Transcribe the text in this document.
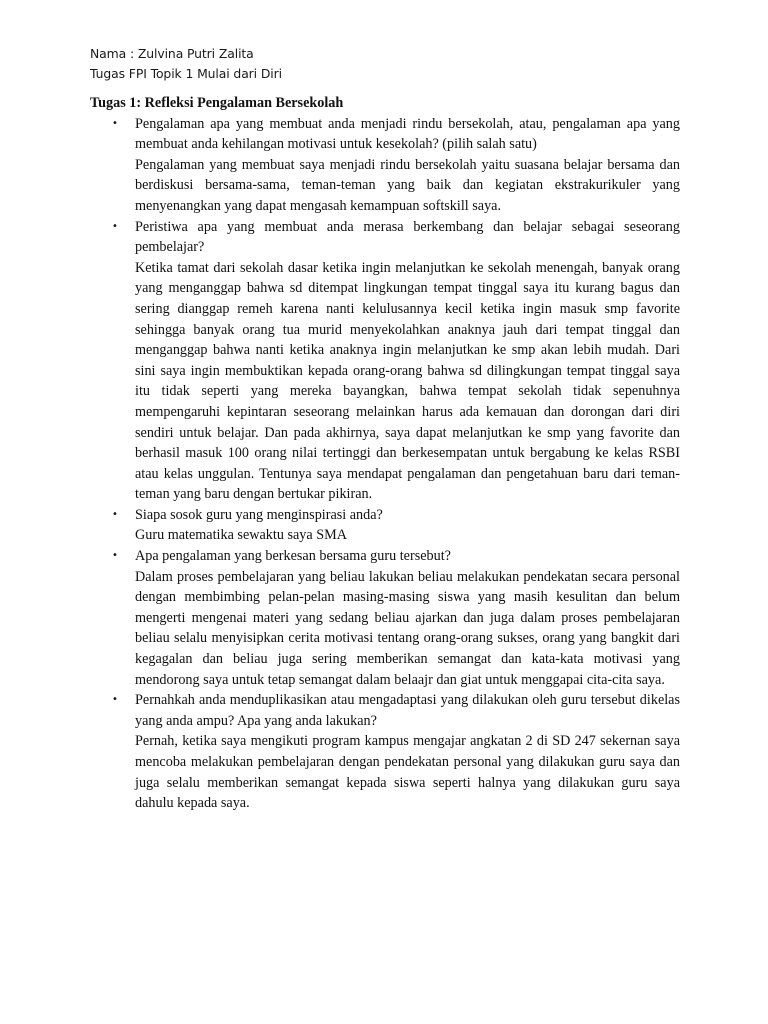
Nama : Zulvina Putri Zalita
Tugas FPI Topik 1 Mulai dari Diri
Tugas 1: Refleksi Pengalaman Bersekolah
• Pengalaman apa yang membuat anda menjadi rindu bersekolah, atau, pengalaman apa yang membuat anda kehilangan motivasi untuk kesekolah? (pilih salah satu)

Pengalaman yang membuat saya menjadi rindu bersekolah yaitu suasana belajar bersama dan berdiskusi bersama-sama, teman-teman yang baik dan kegiatan ekstrakurikuler yang menyenangkan yang dapat mengasah kemampuan softskill saya.

• Peristiwa apa yang membuat anda merasa berkembang dan belajar sebagai seseorang pembelajar?

Ketika tamat dari sekolah dasar ketika ingin melanjutkan ke sekolah menengah, banyak orang yang menganggap bahwa sd ditempat lingkungan tempat tinggal saya itu kurang bagus dan sering dianggap remeh karena nanti kelulusannya kecil ketika ingin masuk smp favorite sehingga banyak orang tua murid menyekolahkan anaknya jauh dari tempat tinggal dan menganggap bahwa nanti ketika anaknya ingin melanjutkan ke smp akan lebih mudah. Dari sini saya ingin membuktikan kepada orang-orang bahwa sd dilingkungan tempat tinggal saya itu tidak seperti yang mereka bayangkan, bahwa tempat sekolah tidak sepenuhnya mempengaruhi kepintaran seseorang melainkan harus ada kemauan dan dorongan dari diri sendiri untuk belajar. Dan pada akhirnya, saya dapat melanjutkan ke smp yang favorite dan berhasil masuk 100 orang nilai tertinggi dan berkesempatan untuk bergabung ke kelas RSBI atau kelas unggulan. Tentunya saya mendapat pengalaman dan pengetahuan baru dari teman-teman yang baru dengan bertukar pikiran.

• Siapa sosok guru yang menginspirasi anda?

Guru matematika sewaktu saya SMA

• Apa pengalaman yang berkesan bersama guru tersebut?

Dalam proses pembelajaran yang beliau lakukan beliau melakukan pendekatan secara personal dengan membimbing pelan-pelan masing-masing siswa yang masih kesulitan dan belum mengerti mengenai materi yang sedang beliau ajarkan dan juga dalam proses pembelajaran beliau selalu menyisipkan cerita motivasi tentang orang-orang sukses, orang yang bangkit dari kegagalan dan beliau juga sering memberikan semangat dan kata-kata motivasi yang mendorong saya untuk tetap semangat dalam belaajr dan giat untuk menggapai cita-cita saya.

• Pernahkah anda menduplikasikan atau mengadaptasi yang dilakukan oleh guru tersebut dikelas yang anda ampu? Apa yang anda lakukan?

Pernah, ketika saya mengikuti program kampus mengajar angkatan 2 di SD 247 sekernan saya mencoba melakukan pembelajaran dengan pendekatan personal yang dilakukan guru saya dan juga selalu memberikan semangat kepada siswa seperti halnya yang dilakukan guru saya dahulu kepada saya.
